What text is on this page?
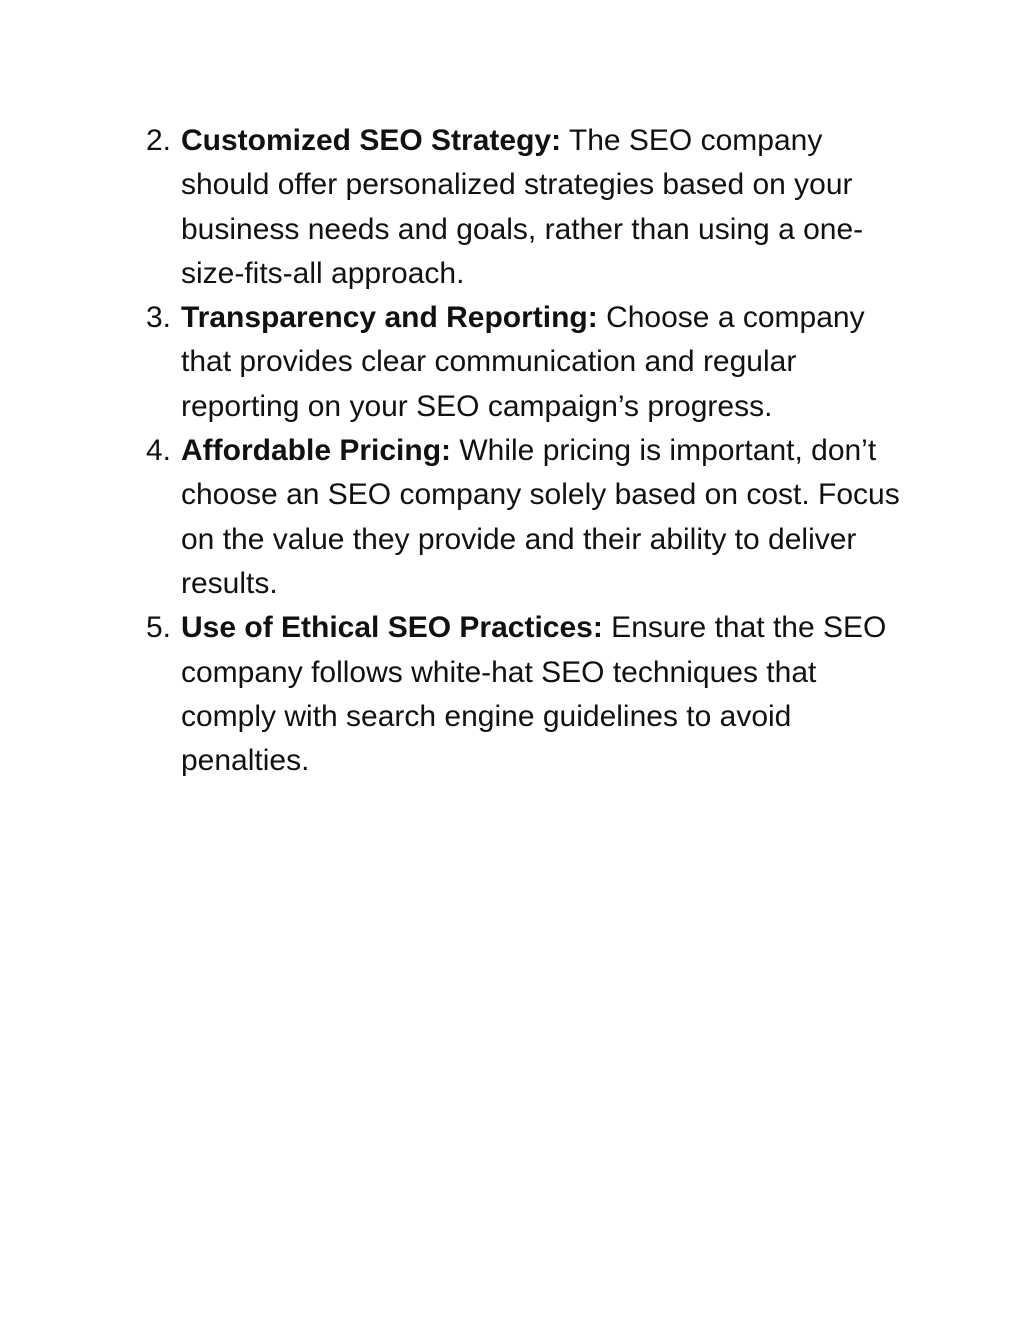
2. Customized SEO Strategy: The SEO company should offer personalized strategies based on your business needs and goals, rather than using a one-size-fits-all approach.
3. Transparency and Reporting: Choose a company that provides clear communication and regular reporting on your SEO campaign’s progress.
4. Affordable Pricing: While pricing is important, don’t choose an SEO company solely based on cost. Focus on the value they provide and their ability to deliver results.
5. Use of Ethical SEO Practices: Ensure that the SEO company follows white-hat SEO techniques that comply with search engine guidelines to avoid penalties.
